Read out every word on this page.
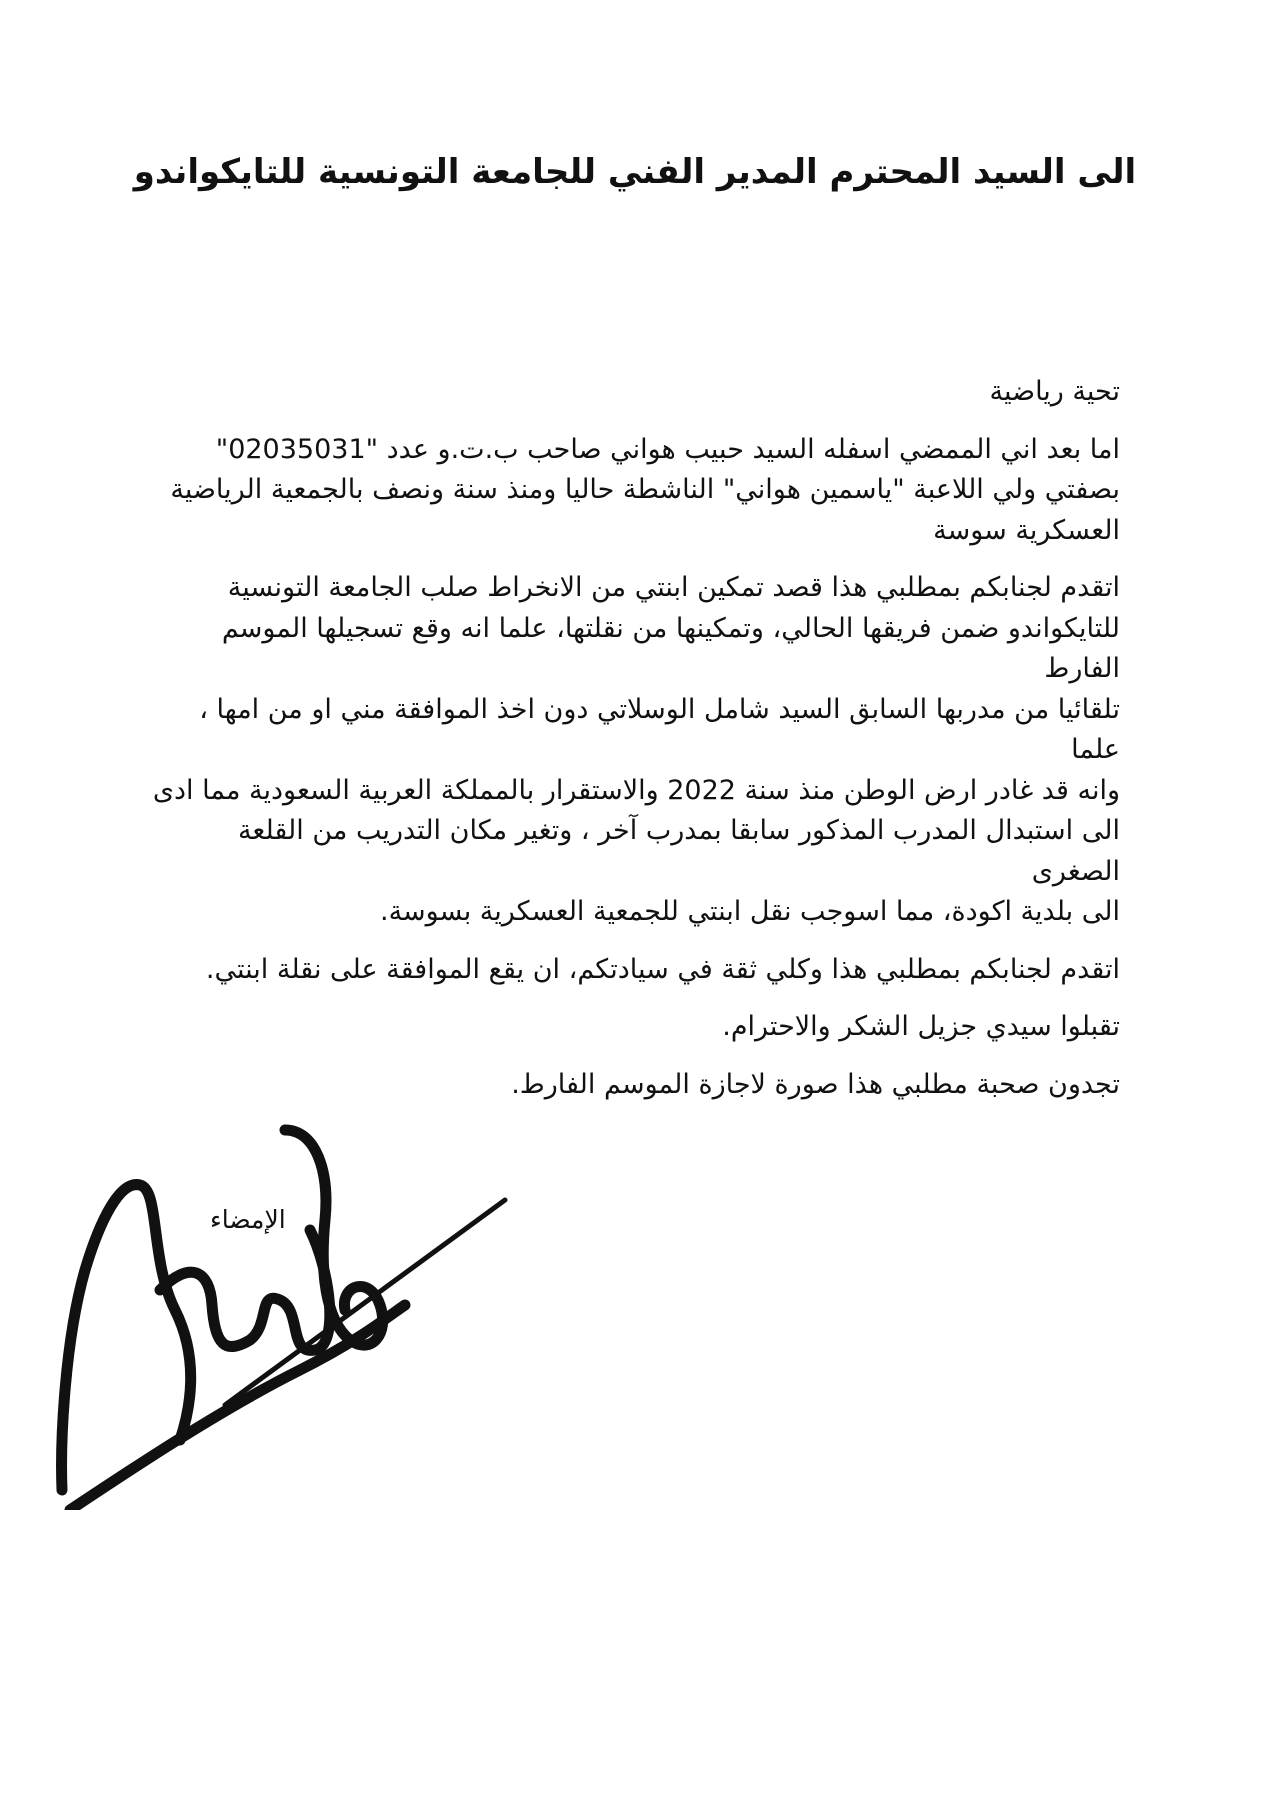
الى السيد المحترم المدير الفني للجامعة التونسية للتايكواندو

تحية رياضية

اما بعد اني الممضي اسفله السيد حبيب هواني صاحب ب.ت.و عدد "02035031"
بصفتي ولي اللاعبة "ياسمين هواني" الناشطة حاليا ومنذ سنة ونصف بالجمعية الرياضية
العسكرية سوسة

اتقدم لجنابكم بمطلبي هذا قصد تمكين ابنتي من الانخراط صلب الجامعة التونسية
للتايكواندو ضمن فريقها الحالي، وتمكينها من نقلتها، علما انه وقع تسجيلها الموسم الفارط
تلقائيا من مدربها السابق السيد شامل الوسلاتي دون اخذ الموافقة مني او من امها ، علما
وانه قد غادر ارض الوطن منذ سنة 2022 والاستقرار بالمملكة العربية السعودية مما ادى
الى استبدال المدرب المذكور سابقا بمدرب آخر ، وتغير مكان التدريب من القلعة الصغرى
الى بلدية اكودة، مما اسوجب نقل ابنتي للجمعية العسكرية بسوسة.

اتقدم لجنابكم بمطلبي هذا وكلي ثقة في سيادتكم، ان يقع الموافقة على نقلة ابنتي.

تقبلوا سيدي جزيل الشكر والاحترام.

تجدون صحبة مطلبي هذا صورة لاجازة الموسم الفارط.

الإمضاء
